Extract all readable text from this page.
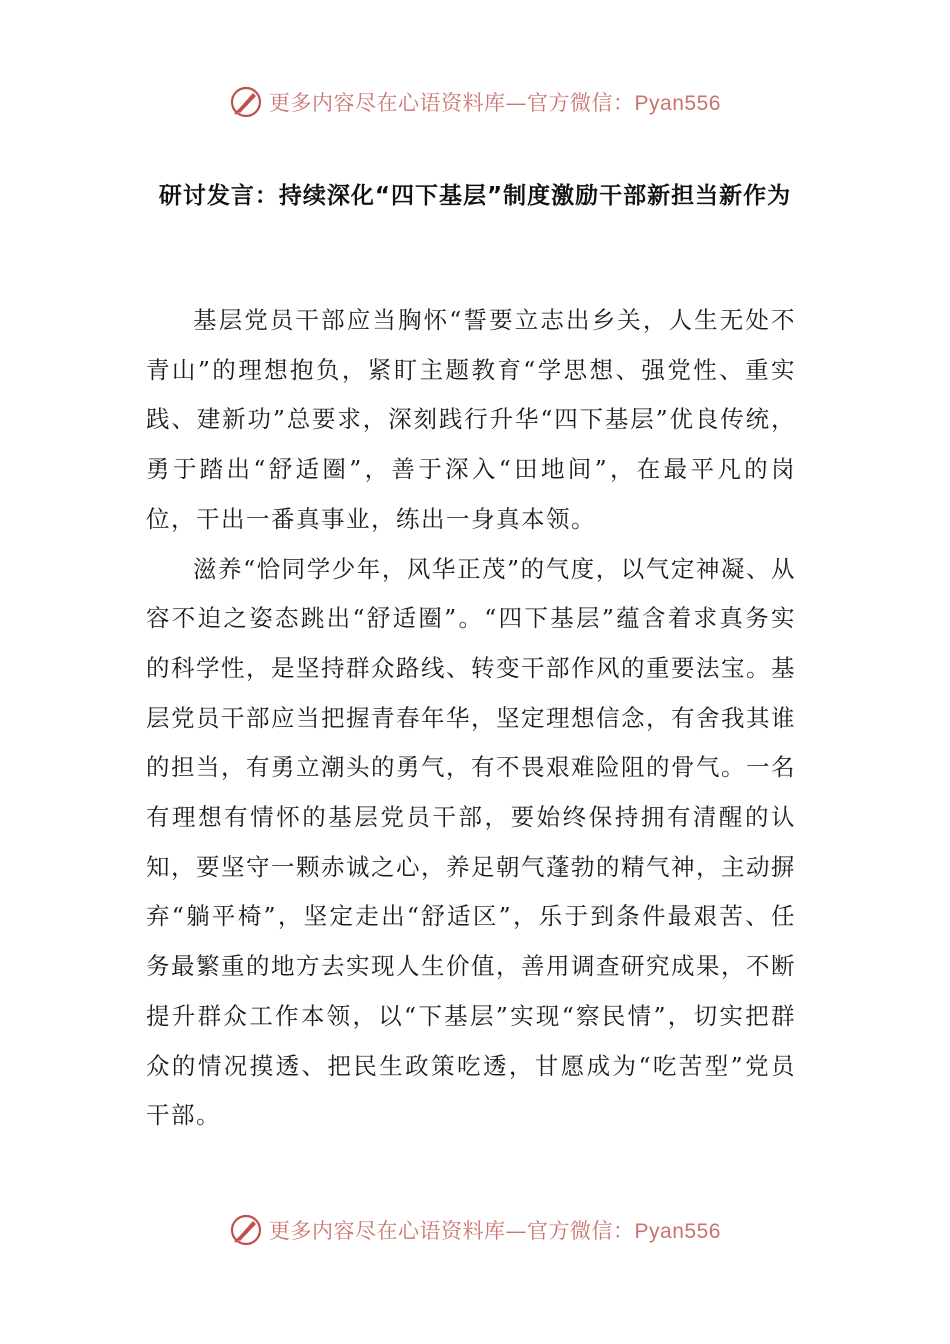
更多内容尽在心语资料库—官方微信：Pyan556
研讨发言：持续深化“四下基层”制度激励干部新担当新作为

基层党员干部应当胸怀“誓要立志出乡关，人生无处不青山”的理想抱负，紧盯主题教育“学思想、强党性、重实践、建新功”总要求，深刻践行升华“四下基层”优良传统，勇于踏出“舒适圈”，善于深入“田地间”，在最平凡的岗位，干出一番真事业，练出一身真本领。

滋养“恰同学少年，风华正茂”的气度，以气定神凝、从容不迫之姿态跳出“舒适圈”。“四下基层”蕴含着求真务实的科学性，是坚持群众路线、转变干部作风的重要法宝。基层党员干部应当把握青春年华，坚定理想信念，有舍我其谁的担当，有勇立潮头的勇气，有不畏艰难险阻的骨气。一名有理想有情怀的基层党员干部，要始终保持拥有清醒的认知，要坚守一颗赤诚之心，养足朝气蓬勃的精气神，主动摒弃“躺平椅”，坚定走出“舒适区”，乐于到条件最艰苦、任务最繁重的地方去实现人生价值，善用调查研究成果，不断提升群众工作本领，以“下基层”实现“察民情”，切实把群众的情况摸透、把民生政策吃透，甘愿成为“吃苦型”党员干部。

更多内容尽在心语资料库—官方微信：Pyan556
